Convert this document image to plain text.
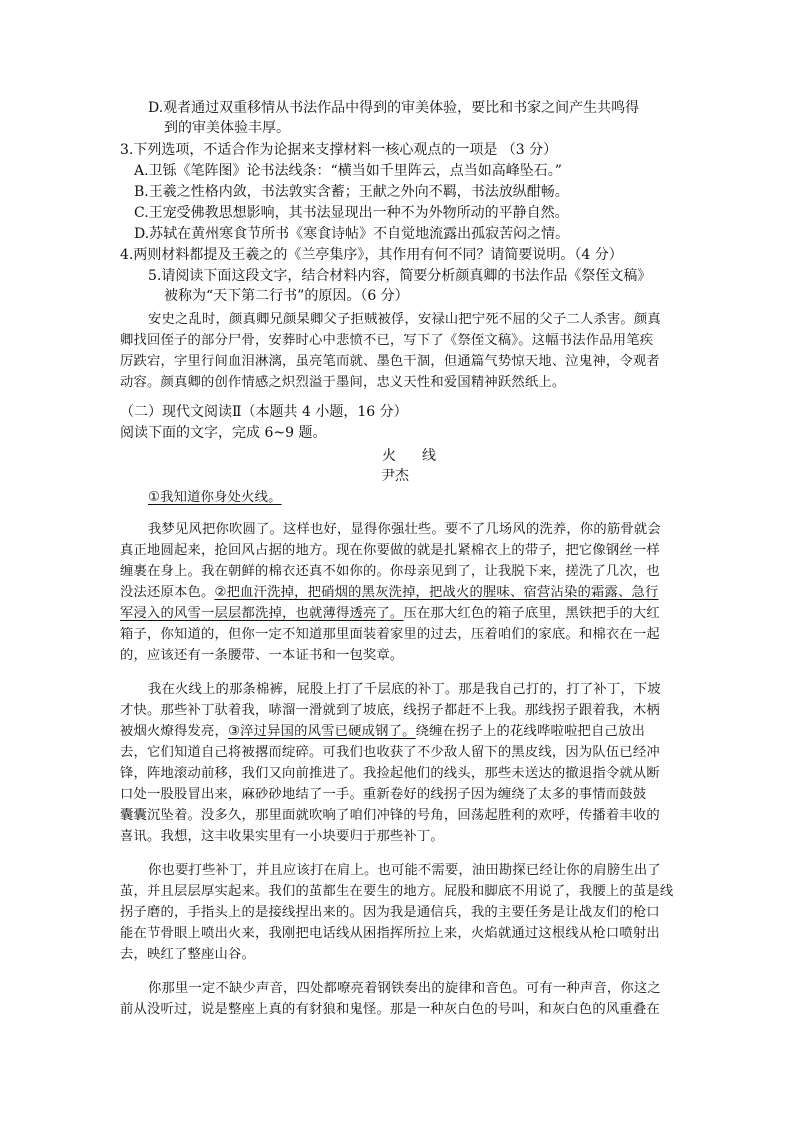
D.观者通过双重移情从书法作品中得到的审美体验，要比和书家之间产生共鸣得
到的审美体验丰厚。
3.下列选项，不适合作为论据来支撑材料一核心观点的一项是 （3 分）
A.卫铄《笔阵图》论书法线条：“横当如千里阵云，点当如高峰坠石。”
B.王羲之性格内敛，书法敦实含蓄；王献之外向不羁，书法放纵酣畅。
C.王宠受佛教思想影响，其书法显现出一种不为外物所动的平静自然。
D.苏轼在黄州寒食节所书《寒食诗帖》不自觉地流露出孤寂苦闷之情。
4.两则材料都提及王羲之的《兰亭集序》，其作用有何不同？请简要说明。（4 分）
5.请阅读下面这段文字，结合材料内容，简要分析颜真卿的书法作品《祭侄文稿》
被称为“天下第二行书”的原因。（6 分）
安史之乱时，颜真卿兄颜杲卿父子拒贼被俘，安禄山把宁死不屈的父子二人杀害。颜真
卿找回侄子的部分尸骨，安葬时心中悲愤不已，写下了《祭侄文稿》。这幅书法作品用笔疾
厉跌宕，字里行间血泪淋漓，虽亮笔而就、墨色干涸，但通篇气势惊天地、泣鬼神，令观者
动容。颜真卿的创作情感之炽烈溢于墨间，忠义天性和爱国精神跃然纸上。
（二）现代文阅读Ⅱ（本题共 4 小题，16 分）
阅读下面的文字，完成 6~9 题。
火线
尹杰
①我知道你身处火线。
我梦见风把你吹圆了。这样也好，显得你强壮些。要不了几场风的洗养，你的筋骨就会
真正地圆起来，抢回风占据的地方。现在你要做的就是扎紧棉衣上的带子，把它像钢丝一样
缠裹在身上。我在朝鲜的棉衣还真不如你的。你母亲见到了，让我脱下来，搓洗了几次，也
没法还原本色。②把血汗洗掉，把硝烟的黑灰洗掉，把战火的腥味、宿营沾染的霜露、急行
军浸入的风雪一层层都洗掉，也就薄得透亮了。压在那大红色的箱子底里，黑铁把手的大红
箱子，你知道的，但你一定不知道那里面装着家里的过去，压着咱们的家底。和棉衣在一起
的，应该还有一条腰带、一本证书和一包奖章。
我在火线上的那条棉裤，屁股上打了千层底的补丁。那是我自己打的，打了补丁，下坡
才快。那些补丁驮着我，哧溜一滑就到了坡底，线拐子都赶不上我。那线拐子跟着我，木柄
被烟火燎得发亮，③淬过异国的风雪已硬成钢了。绕缠在拐子上的花线哗啦啦把自己放出
去，它们知道自己将被撂而绽碎。可我们也收获了不少敌人留下的黑皮线，因为队伍已经冲
锋，阵地滚动前移，我们又向前推进了。我捡起他们的线头，那些未送达的撤退指令就从断
口处一股股冒出来，麻砂砂地结了一手。重新卷好的线拐子因为缠绕了太多的事情而鼓鼓
囊囊沉坠着。没多久，那里面就吹响了咱们冲锋的号角，回荡起胜利的欢呼，传播着丰收的
喜讯。我想，这丰收果实里有一小块要归于那些补丁。
你也要打些补丁，并且应该打在肩上。也可能不需要，油田勘探已经让你的肩膀生出了
茧，并且层层厚实起来。我们的茧都生在要生的地方。屁股和脚底不用说了，我腰上的茧是线
拐子磨的，手指头上的是接线捏出来的。因为我是通信兵，我的主要任务是让战友们的枪口
能在节骨眼上喷出火来，我刚把电话线从困指挥所拉上来，火焰就通过这根线从枪口喷射出
去，映红了整座山谷。
你那里一定不缺少声音，四处都嘹亮着钢铁奏出的旋律和音色。可有一种声音，你这之
前从没听过，说是整座上真的有豺狼和鬼怪。那是一种灰白色的号叫，和灰白色的风重叠在
